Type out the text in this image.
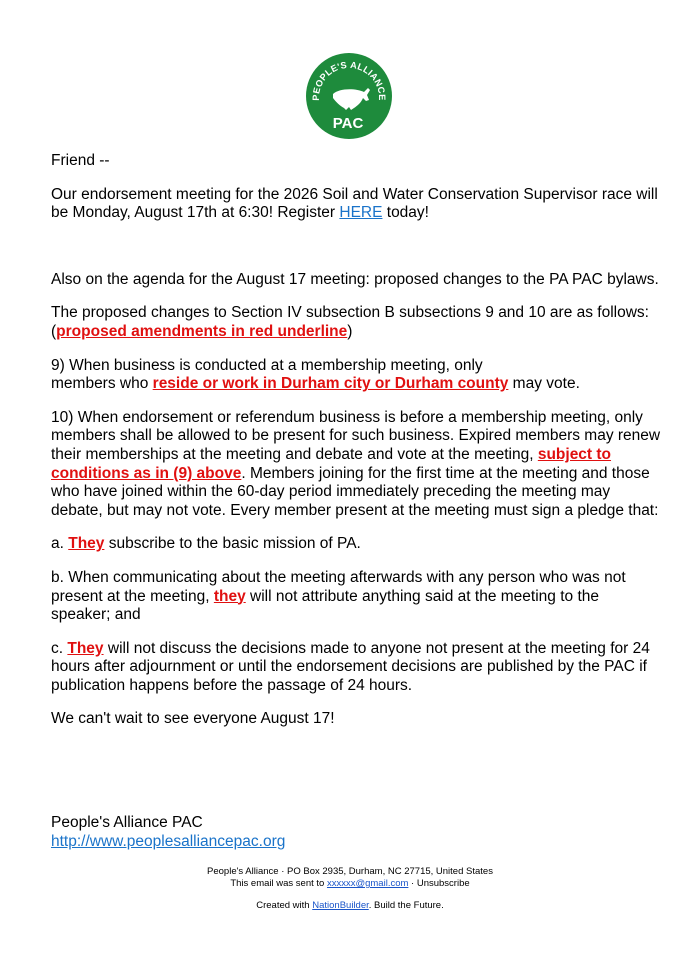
PEOPLE'S ALLIANCE
PAC

Friend --

Our endorsement meeting for the 2026 Soil and Water Conservation Supervisor race will be Monday, August 17th at 6:30! Register HERE today!

Also on the agenda for the August 17 meeting: proposed changes to the PA PAC bylaws.

The proposed changes to Section IV subsection B subsections 9 and 10 are as follows: (proposed amendments in red underline)

9) When business is conducted at a membership meeting, only
members who reside or work in Durham city or Durham county may vote.

10) When endorsement or referendum business is before a membership meeting, only members shall be allowed to be present for such business. Expired members may renew their memberships at the meeting and debate and vote at the meeting, subject to conditions as in (9) above. Members joining for the first time at the meeting and those who have joined within the 60-day period immediately preceding the meeting may debate, but may not vote. Every member present at the meeting must sign a pledge that:

a. They subscribe to the basic mission of PA.

b. When communicating about the meeting afterwards with any person who was not present at the meeting, they will not attribute anything said at the meeting to the speaker; and

c. They will not discuss the decisions made to anyone not present at the meeting for 24 hours after adjournment or until the endorsement decisions are published by the PAC if publication happens before the passage of 24 hours.

We can't wait to see everyone August 17!

People's Alliance PAC
http://www.peoplesalliancepac.org
People's Alliance · PO Box 2935, Durham, NC 27715, United States
This email was sent to xxxxxx@gmail.com · Unsubscribe
Created with NationBuilder. Build the Future.
